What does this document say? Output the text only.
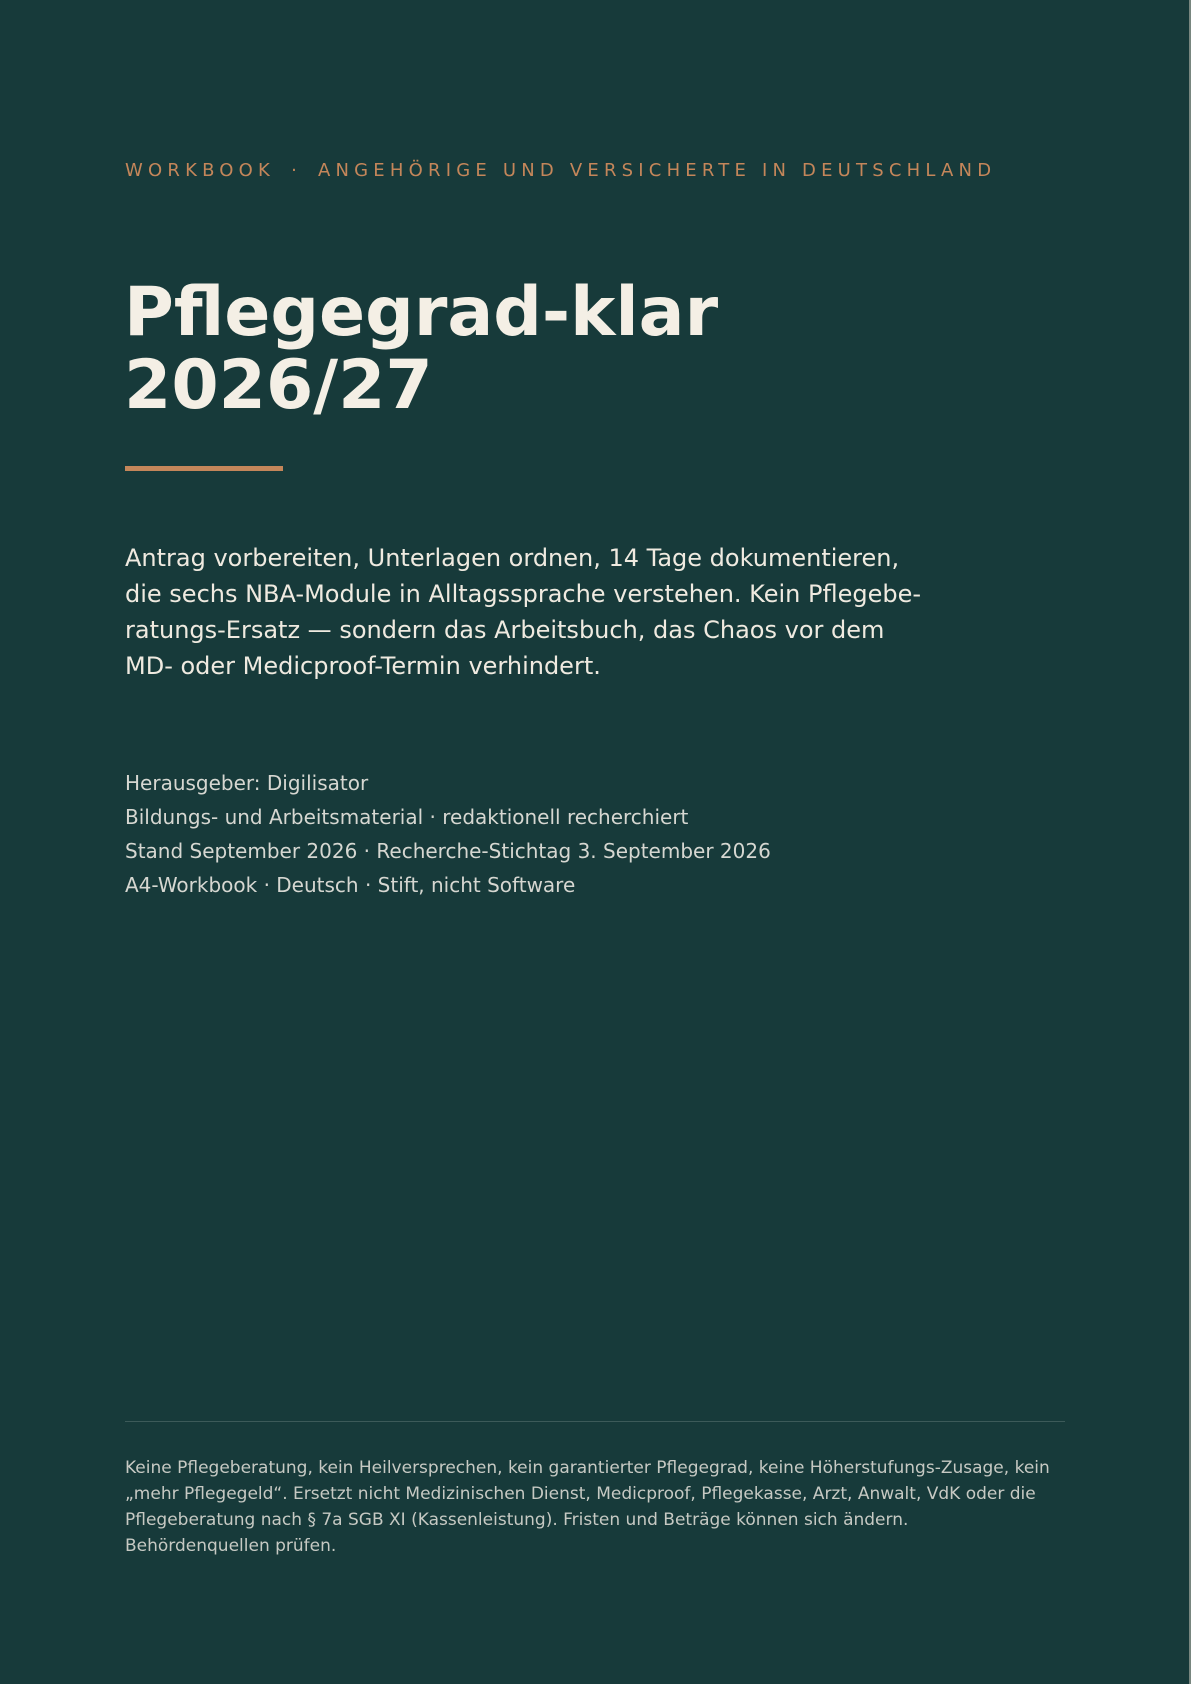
WORKBOOK · ANGEHÖRIGE UND VERSICHERTE IN DEUTSCHLAND

Pflegegrad-klar
2026/27

Antrag vorbereiten, Unterlagen ordnen, 14 Tage dokumentieren,
die sechs NBA-Module in Alltagssprache verstehen. Kein Pflegebe-
ratungs-Ersatz — sondern das Arbeitsbuch, das Chaos vor dem
MD- oder Medicproof-Termin verhindert.

Herausgeber: Digilisator
Bildungs- und Arbeitsmaterial · redaktionell recherchiert
Stand September 2026 · Recherche-Stichtag 3. September 2026
A4-Workbook · Deutsch · Stift, nicht Software

Keine Pflegeberatung, kein Heilversprechen, kein garantierter Pflegegrad, keine Höherstufungs-Zusage, kein
„mehr Pflegegeld“. Ersetzt nicht Medizinischen Dienst, Medicproof, Pflegekasse, Arzt, Anwalt, VdK oder die
Pflegeberatung nach § 7a SGB XI (Kassenleistung). Fristen und Beträge können sich ändern.
Behördenquellen prüfen.
